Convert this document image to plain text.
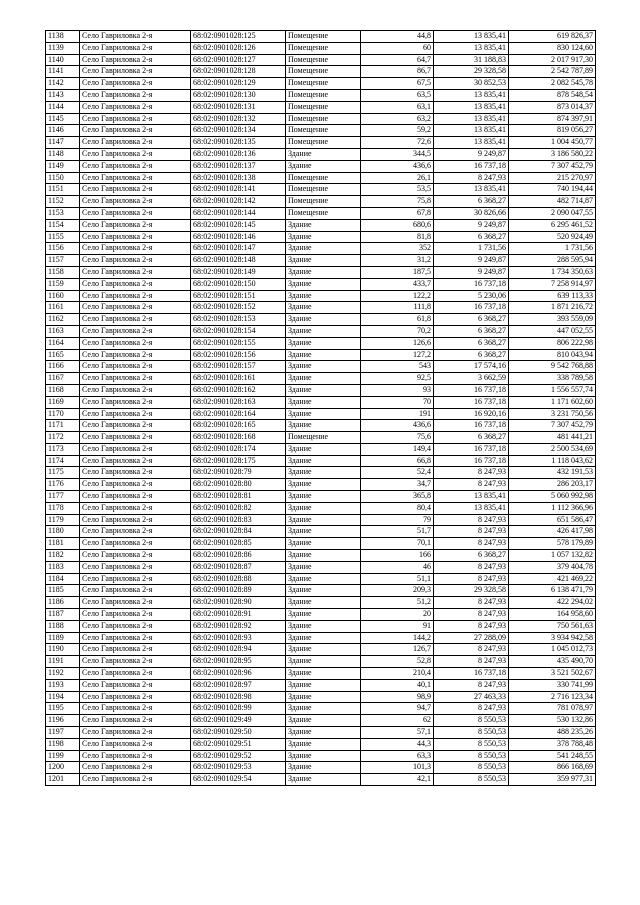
1138	Село Гавриловка 2-я	68:02:0901028:125	Помещение	44,8	13 835,41	619 826,37
1139	Село Гавриловка 2-я	68:02:0901028:126	Помещение	60	13 835,41	830 124,60
1140	Село Гавриловка 2-я	68:02:0901028:127	Помещение	64,7	31 188,83	2 017 917,30
1141	Село Гавриловка 2-я	68:02:0901028:128	Помещение	86,7	29 328,58	2 542 787,89
1142	Село Гавриловка 2-я	68:02:0901028:129	Помещение	67,5	30 852,53	2 082 545,78
1143	Село Гавриловка 2-я	68:02:0901028:130	Помещение	63,5	13 835,41	878 548,54
1144	Село Гавриловка 2-я	68:02:0901028:131	Помещение	63,1	13 835,41	873 014,37
1145	Село Гавриловка 2-я	68:02:0901028:132	Помещение	63,2	13 835,41	874 397,91
1146	Село Гавриловка 2-я	68:02:0901028:134	Помещение	59,2	13 835,41	819 056,27
1147	Село Гавриловка 2-я	68:02:0901028:135	Помещение	72,6	13 835,41	1 004 450,77
1148	Село Гавриловка 2-я	68:02:0901028:136	Здание	344,5	9 249,87	3 186 580,22
1149	Село Гавриловка 2-я	68:02:0901028:137	Здание	436,6	16 737,18	7 307 452,79
1150	Село Гавриловка 2-я	68:02:0901028:138	Помещение	26,1	8 247,93	215 270,97
1151	Село Гавриловка 2-я	68:02:0901028:141	Помещение	53,5	13 835,41	740 194,44
1152	Село Гавриловка 2-я	68:02:0901028:142	Помещение	75,8	6 368,27	482 714,87
1153	Село Гавриловка 2-я	68:02:0901028:144	Помещение	67,8	30 826,66	2 090 047,55
1154	Село Гавриловка 2-я	68:02:0901028:145	Здание	680,6	9 249,87	6 295 461,52
1155	Село Гавриловка 2-я	68:02:0901028:146	Здание	81,8	6 368,27	520 924,49
1156	Село Гавриловка 2-я	68:02:0901028:147	Здание	352	1 731,56	1 731,56
1157	Село Гавриловка 2-я	68:02:0901028:148	Здание	31,2	9 249,87	288 595,94
1158	Село Гавриловка 2-я	68:02:0901028:149	Здание	187,5	9 249,87	1 734 350,63
1159	Село Гавриловка 2-я	68:02:0901028:150	Здание	433,7	16 737,18	7 258 914,97
1160	Село Гавриловка 2-я	68:02:0901028:151	Здание	122,2	5 230,06	639 113,33
1161	Село Гавриловка 2-я	68:02:0901028:152	Здание	111,8	16 737,18	1 871 216,72
1162	Село Гавриловка 2-я	68:02:0901028:153	Здание	61,8	6 368,27	393 559,09
1163	Село Гавриловка 2-я	68:02:0901028:154	Здание	70,2	6 368,27	447 052,55
1164	Село Гавриловка 2-я	68:02:0901028:155	Здание	126,6	6 368,27	806 222,98
1165	Село Гавриловка 2-я	68:02:0901028:156	Здание	127,2	6 368,27	810 043,94
1166	Село Гавриловка 2-я	68:02:0901028:157	Здание	543	17 574,16	9 542 768,88
1167	Село Гавриловка 2-я	68:02:0901028:161	Здание	92,5	3 662,59	338 789,58
1168	Село Гавриловка 2-я	68:02:0901028:162	Здание	93	16 737,18	1 556 557,74
1169	Село Гавриловка 2-я	68:02:0901028:163	Здание	70	16 737,18	1 171 602,60
1170	Село Гавриловка 2-я	68:02:0901028:164	Здание	191	16 920,16	3 231 750,56
1171	Село Гавриловка 2-я	68:02:0901028:165	Здание	436,6	16 737,18	7 307 452,79
1172	Село Гавриловка 2-я	68:02:0901028:168	Помещение	75,6	6 368,27	481 441,21
1173	Село Гавриловка 2-я	68:02:0901028:174	Здание	149,4	16 737,18	2 500 534,69
1174	Село Гавриловка 2-я	68:02:0901028:175	Здание	66,8	16 737,18	1 118 043,62
1175	Село Гавриловка 2-я	68:02:0901028:79	Здание	52,4	8 247,93	432 191,53
1176	Село Гавриловка 2-я	68:02:0901028:80	Здание	34,7	8 247,93	286 203,17
1177	Село Гавриловка 2-я	68:02:0901028:81	Здание	365,8	13 835,41	5 060 992,98
1178	Село Гавриловка 2-я	68:02:0901028:82	Здание	80,4	13 835,41	1 112 366,96
1179	Село Гавриловка 2-я	68:02:0901028:83	Здание	79	8 247,93	651 586,47
1180	Село Гавриловка 2-я	68:02:0901028:84	Здание	51,7	8 247,93	426 417,98
1181	Село Гавриловка 2-я	68:02:0901028:85	Здание	70,1	8 247,93	578 179,89
1182	Село Гавриловка 2-я	68:02:0901028:86	Здание	166	6 368,27	1 057 132,82
1183	Село Гавриловка 2-я	68:02:0901028:87	Здание	46	8 247,93	379 404,78
1184	Село Гавриловка 2-я	68:02:0901028:88	Здание	51,1	8 247,93	421 469,22
1185	Село Гавриловка 2-я	68:02:0901028:89	Здание	209,3	29 328,58	6 138 471,79
1186	Село Гавриловка 2-я	68:02:0901028:90	Здание	51,2	8 247,93	422 294,02
1187	Село Гавриловка 2-я	68:02:0901028:91	Здание	20	8 247,93	164 958,60
1188	Село Гавриловка 2-я	68:02:0901028:92	Здание	91	8 247,93	750 561,63
1189	Село Гавриловка 2-я	68:02:0901028:93	Здание	144,2	27 288,09	3 934 942,58
1190	Село Гавриловка 2-я	68:02:0901028:94	Здание	126,7	8 247,93	1 045 012,73
1191	Село Гавриловка 2-я	68:02:0901028:95	Здание	52,8	8 247,93	435 490,70
1192	Село Гавриловка 2-я	68:02:0901028:96	Здание	210,4	16 737,18	3 521 502,67
1193	Село Гавриловка 2-я	68:02:0901028:97	Здание	40,1	8 247,93	330 741,99
1194	Село Гавриловка 2-я	68:02:0901028:98	Здание	98,9	27 463,33	2 716 123,34
1195	Село Гавриловка 2-я	68:02:0901028:99	Здание	94,7	8 247,93	781 078,97
1196	Село Гавриловка 2-я	68:02:0901029:49	Здание	62	8 550,53	530 132,86
1197	Село Гавриловка 2-я	68:02:0901029:50	Здание	57,1	8 550,53	488 235,26
1198	Село Гавриловка 2-я	68:02:0901029:51	Здание	44,3	8 550,53	378 788,48
1199	Село Гавриловка 2-я	68:02:0901029:52	Здание	63,3	8 550,53	541 248,55
1200	Село Гавриловка 2-я	68:02:0901029:53	Здание	101,3	8 550,53	866 168,69
1201	Село Гавриловка 2-я	68:02:0901029:54	Здание	42,1	8 550,53	359 977,31
